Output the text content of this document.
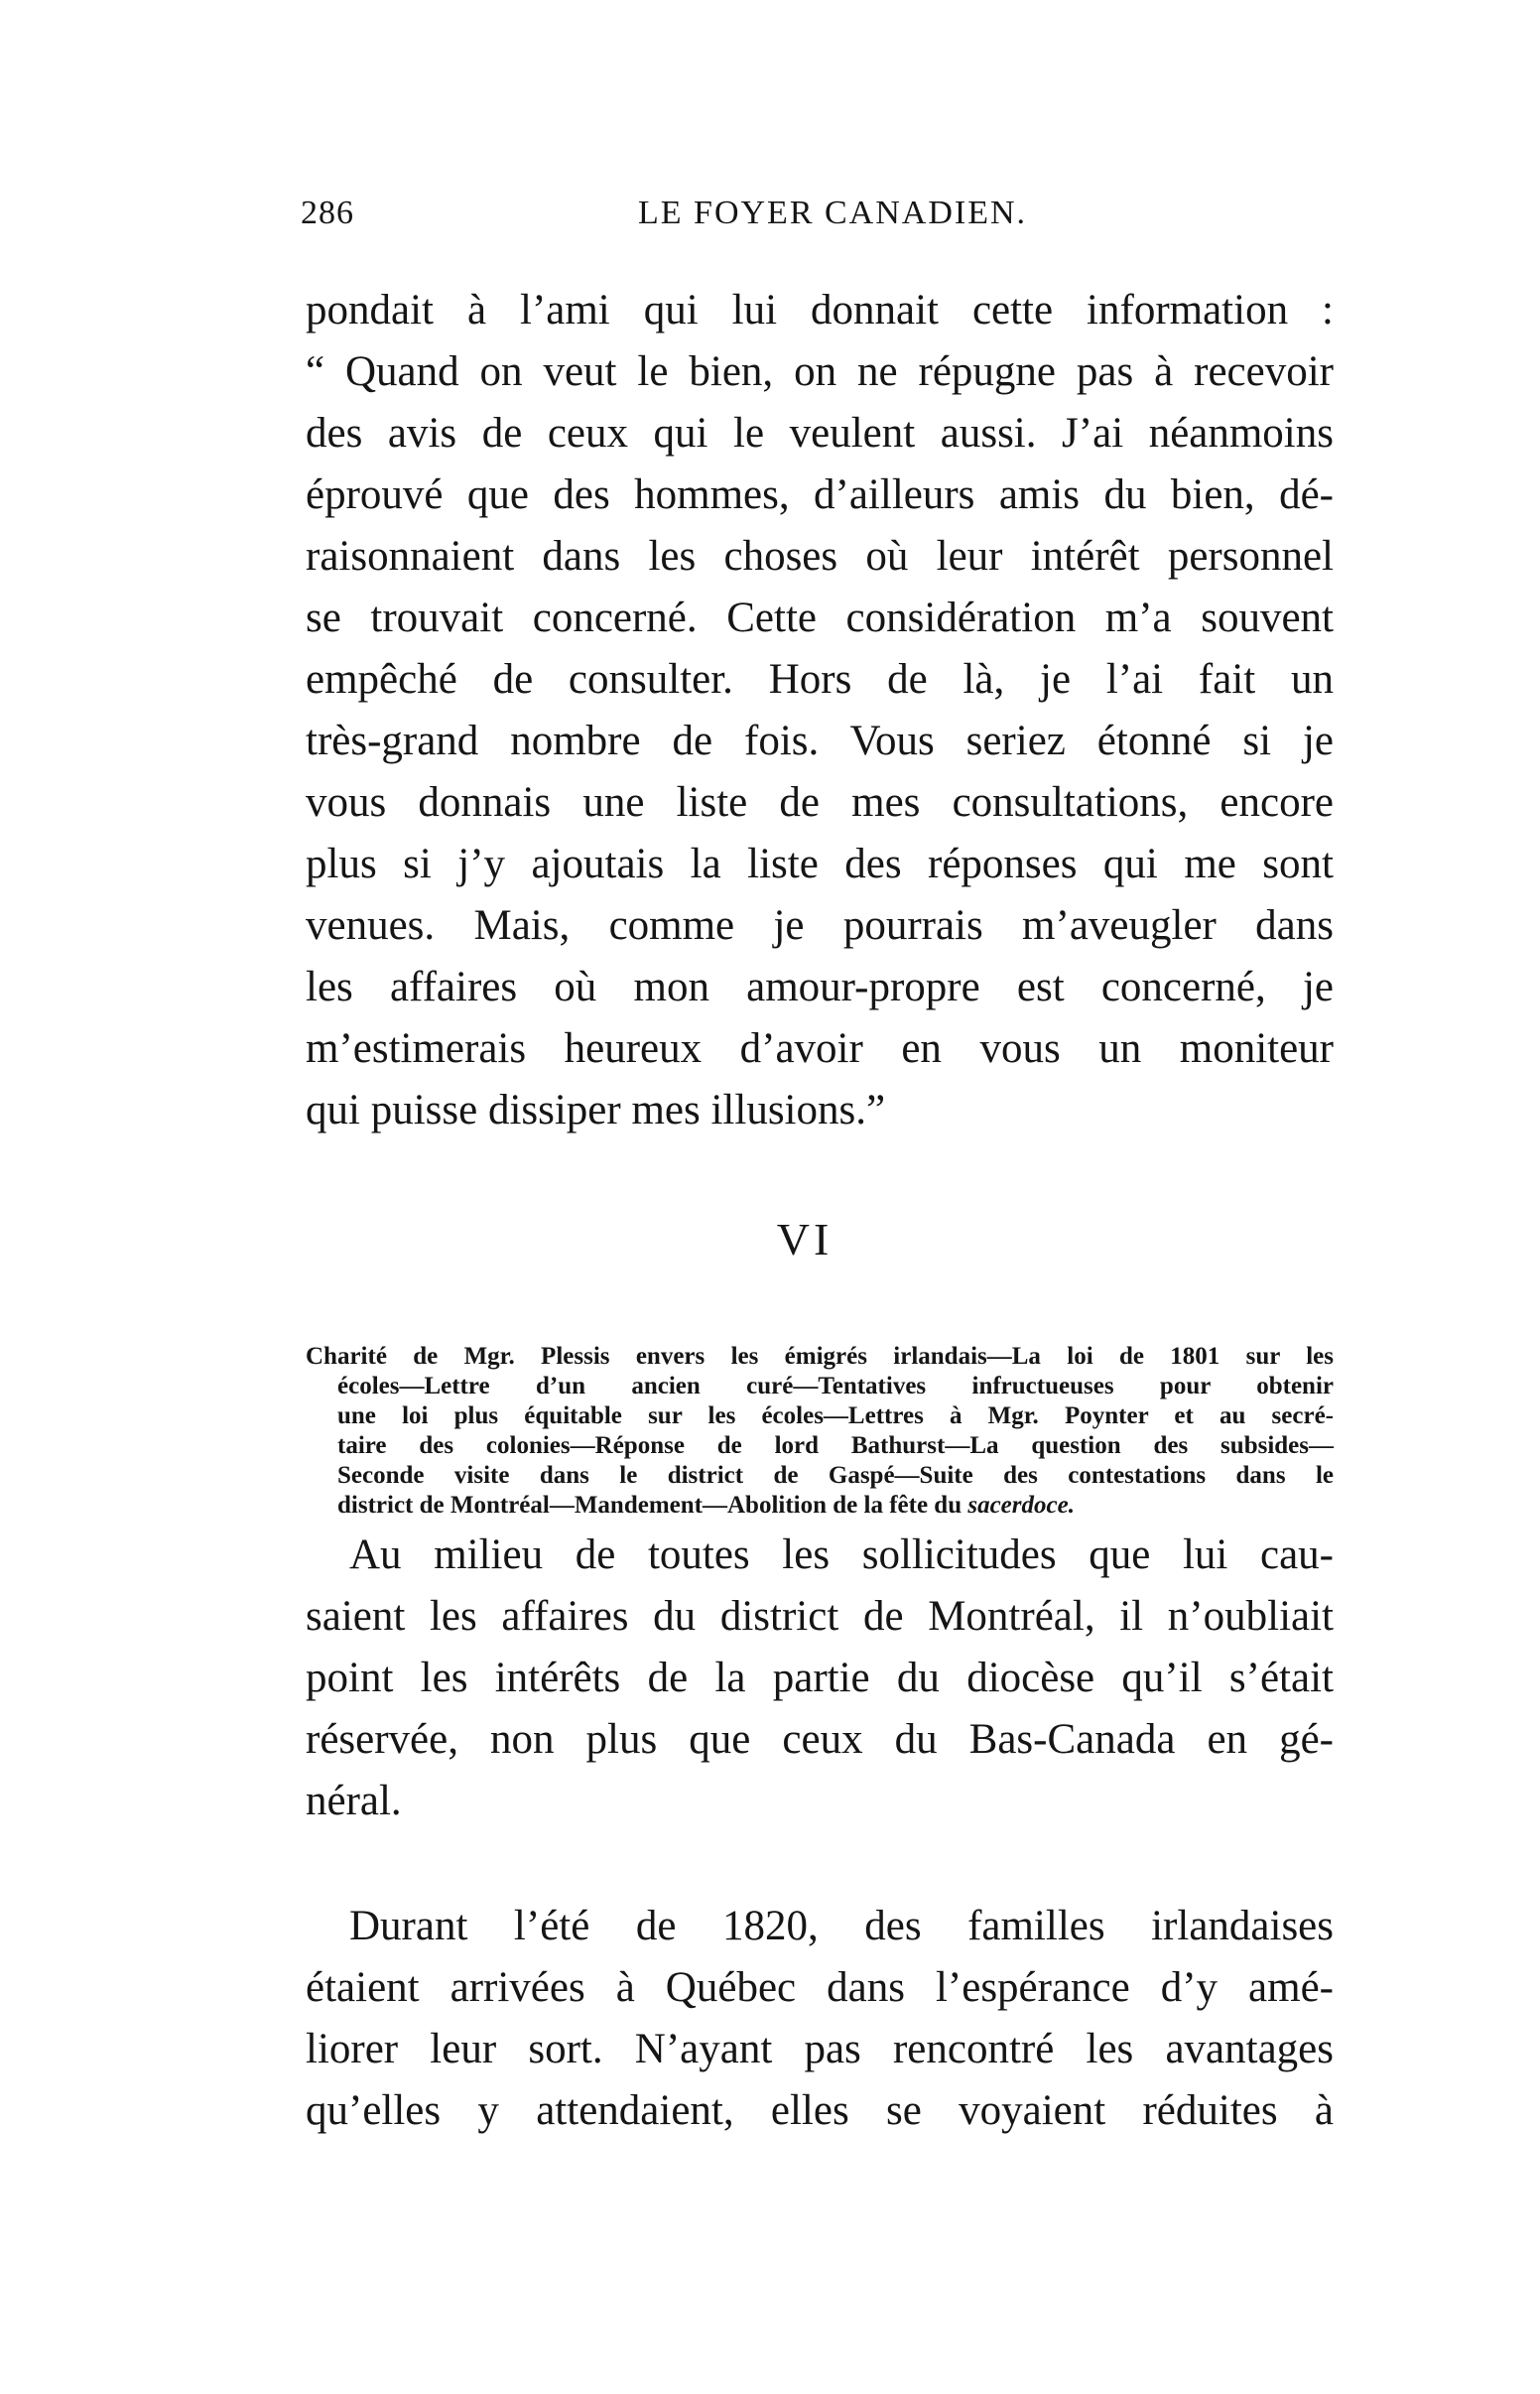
286	LE FOYER CANADIEN.
pondait à l’ami qui lui donnait cette information :
“ Quand on veut le bien, on ne répugne pas à recevoir
des avis de ceux qui le veulent aussi. J’ai néanmoins
éprouvé que des hommes, d’ailleurs amis du bien, dé-
raisonnaient dans les choses où leur intérêt personnel
se trouvait concerné. Cette considération m’a souvent
empêché de consulter. Hors de là, je l’ai fait un
très-grand nombre de fois. Vous seriez étonné si je
vous donnais une liste de mes consultations, encore
plus si j’y ajoutais la liste des réponses qui me sont
venues. Mais, comme je pourrais m’aveugler dans
les affaires où mon amour-propre est concerné, je
m’estimerais heureux d’avoir en vous un moniteur
qui puisse dissiper mes illusions.”
VI
Charité de Mgr. Plessis envers les émigrés irlandais—La loi de 1801 sur les
écoles—Lettre d’un ancien curé—Tentatives infructueuses pour obtenir
une loi plus équitable sur les écoles—Lettres à Mgr. Poynter et au secré-
taire des colonies—Réponse de lord Bathurst—La question des subsides—
Seconde visite dans le district de Gaspé—Suite des contestations dans le
district de Montréal—Mandement—Abolition de la fête du sacerdoce.
Au milieu de toutes les sollicitudes que lui cau-
saient les affaires du district de Montréal, il n’oubliait
point les intérêts de la partie du diocèse qu’il s’était
réservée, non plus que ceux du Bas-Canada en gé-
néral.
Durant l’été de 1820, des familles irlandaises
étaient arrivées à Québec dans l’espérance d’y amé-
liorer leur sort. N’ayant pas rencontré les avantages
qu’elles y attendaient, elles se voyaient réduites à
